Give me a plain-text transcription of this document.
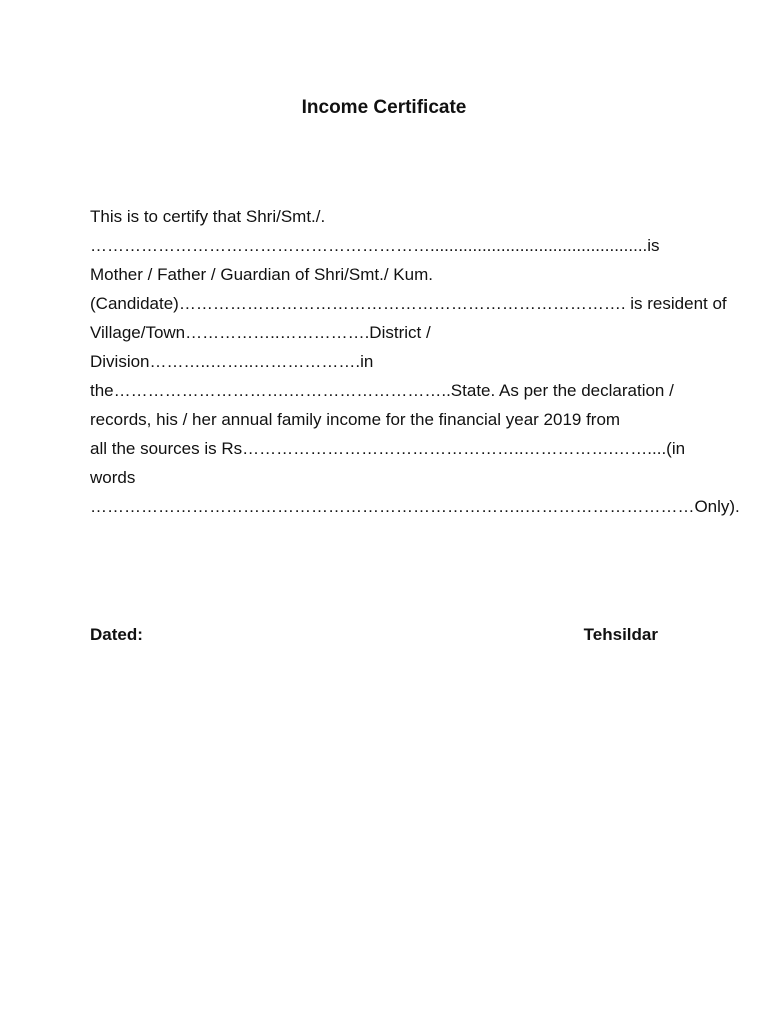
Income Certificate
This is to certify that Shri/Smt./.
……………………………………………………..............................................is
Mother / Father / Guardian of Shri/Smt./ Kum.
(Candidate)……………………………………………………………………. is resident of
Village/Town……………..…………….District /
Division………..……..……………….in
the………………………….………………………..State. As per the declaration /
records, his / her annual family income for the financial year 2019 from
all the sources is Rs…………………………………………..…………….……....(in
words
…………………………………………………………………..…………………………Only).
Dated:	Tehsildar
